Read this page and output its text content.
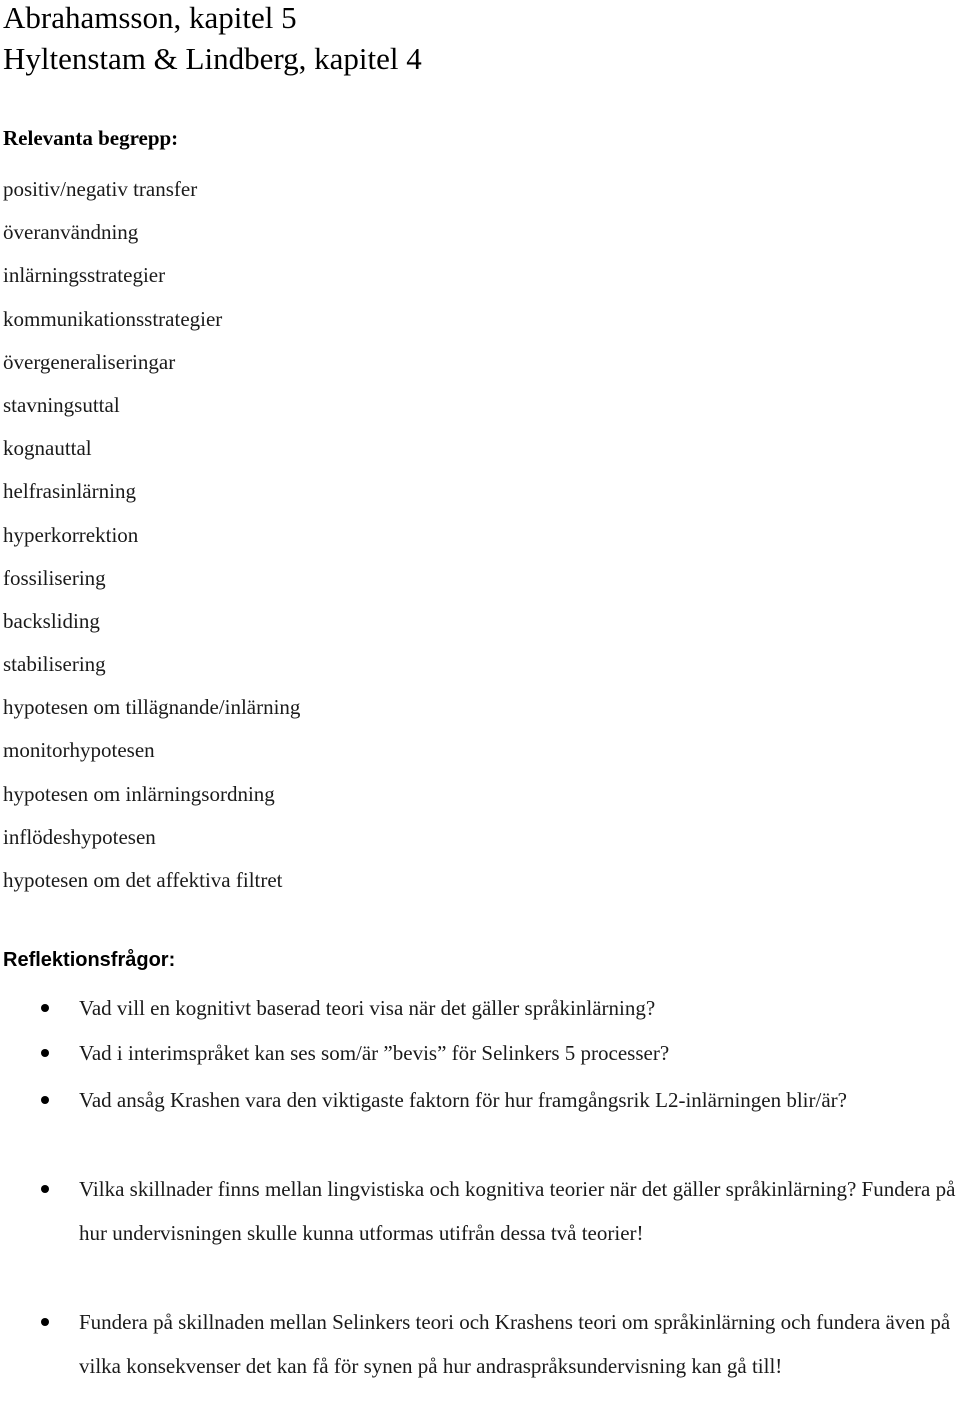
Abrahamsson, kapitel 5
Hyltenstam & Lindberg, kapitel 4
Relevanta begrepp:
positiv/negativ transfer
överanvändning
inlärningsstrategier
kommunikationsstrategier
övergeneraliseringar
stavningsuttal
kognauttal
helfrasinlärning
hyperkorrektion
fossilisering
backsliding
stabilisering
hypotesen om tillägnande/inlärning
monitorhypotesen
hypotesen om inlärningsordning
inflödeshypotesen
hypotesen om det affektiva filtret
Reflektionsfrågor:
Vad vill en kognitivt baserad teori visa när det gäller språkinlärning?
Vad i interimspråket kan ses som/är ”bevis” för Selinkers 5 processer?
Vad ansåg Krashen vara den viktigaste faktorn för hur framgångsrik L2-inlärningen blir/är?
Vilka skillnader finns mellan lingvistiska och kognitiva teorier när det gäller språkinlärning? Fundera på hur undervisningen skulle kunna utformas utifrån dessa två teorier!
Fundera på skillnaden mellan Selinkers teori och Krashens teori om språkinlärning och fundera även på vilka konsekvenser det kan få för synen på hur andraspråksundervisning kan gå till!
